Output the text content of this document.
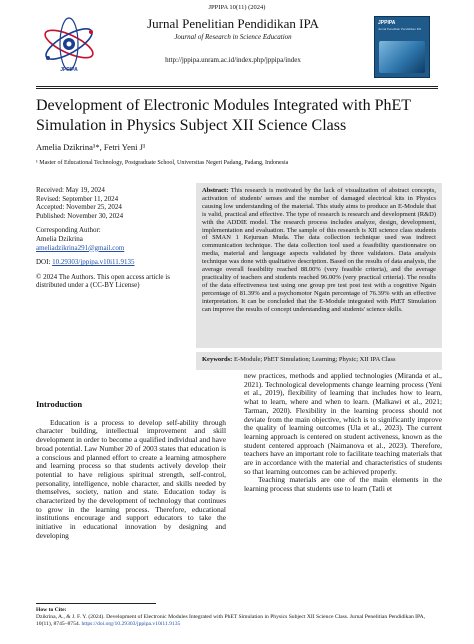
JPPIPA 10(11) (2024)
JPPIPA
Jurnal Penelitian Pendidikan IPA
Journal of Research in Science Education
http://jppipa.unram.ac.id/index.php/jppipa/index
JPPIPA
Jurnal Penelitian Pendidikan IPA
Development of Electronic Modules Integrated with PhET Simulation in Physics Subject XII Science Class
Amelia Dzikrina¹*, Fetri Yeni J¹
¹ Master of Educational Technology, Postgraduate School, Universitas Negeri Padang, Padang, Indonesia
Received: May 19, 2024
Revised: September 11, 2024
Accepted: November 25, 2024
Published: November 30, 2024
Corresponding Author:
Amelia Dzikrina
ameliadzikrina291@gmail.com
DOI: 10.29303/jppipa.v10i11.9135
© 2024 The Authors. This open access article is distributed under a (CC-BY License)
Abstract: This research is motivated by the lack of visualization of abstract concepts, activation of students' senses and the number of damaged electrical kits in Physics causing low understanding of the material. This study aims to produce an E-Module that is valid, practical and effective. The type of research is research and development (R&D) with the ADDIE model. The research process includes analyze, design, development, implementation and evaluation. The sample of this research is XII science class students of SMAN 1 Kejuruan Muda. The data collection technique used was indirect communication technique. The data collection tool used a feasibility questionnaire on media, material and language aspects validated by three validators. Data analysis technique was done with qualitative description. Based on the results of data analysis, the average overall feasibility reached 88.00% (very feasible criteria), and the average practicality of teachers and students reached 96.00% (very practical criteria). The results of the data effectiveness test using one group pre test post test with a cognitive Ngain percentage of 81.39% and a psychomotor Ngain percentage of 76.39% with an effective interpretation. It can be concluded that the E-Module integrated with PhET Simulation can improve the results of concept understanding and students' science skills.
Keywords: E-Module; PhET Simulation; Learning; Physic; XII IPA Class
Introduction

Education is a process to develop self-ability through character building, intellectual improvement and skill development in order to become a qualified individual and have broad potential. Law Number 20 of 2003 states that education is a conscious and planned effort to create a learning atmosphere and learning process so that students actively develop their potential to have religious spiritual strength, self-control, personality, intelligence, noble character, and skills needed by themselves, society, nation and state. Education today is characterized by the development of technology that continues to grow in the learning process. Therefore, educational institutions encourage and support educators to take the initiative in educational innovation by designing and developing

new practices, methods and applied technologies (Miranda et al., 2021). Technological developments change learning process (Yeni et al., 2019), flexibility of learning that includes how to learn, what to learn, where and when to learn. (Malkawi et al., 2021; Tarman, 2020). Flexibility in the learning process should not deviate from the main objective, which is to significantly improve the quality of learning outcomes (Ula et al., 2023). The current learning approach is centered on student activeness, known as the student centered approach (Naimanova et al., 2023). Therefore, teachers have an important role to facilitate teaching materials that are in accordance with the material and characteristics of students so that learning outcomes can be achieved properly.

Teaching materials are one of the main elements in the learning process that students use to learn (Tatli et

How to Cite:
Dzikrina, A., & J. F. Y. (2024). Development of Electronic Modules Integrated with PhET Simulation in Physics Subject XII Science Class. Jurnal Penelitian Pendidikan IPA, 10(11), 8745–8754. https://doi.org/10.29303/jppipa.v10i11.9135
